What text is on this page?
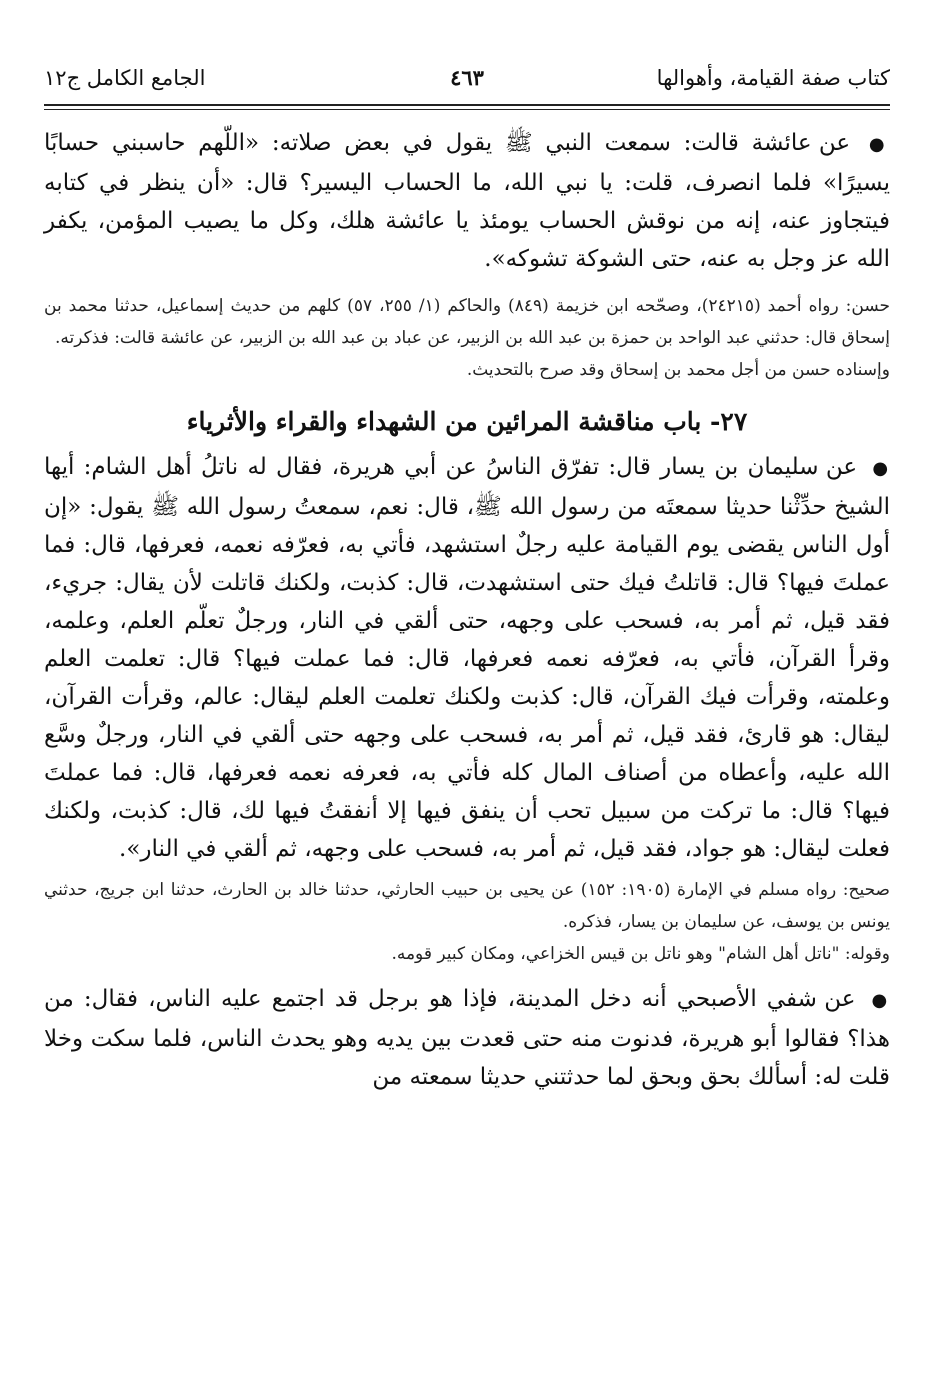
كتاب صفة القيامة، وأهوالها
٤٦٣
الجامع الكامل ج١٢

● عن عائشة قالت: سمعت النبي ﷺ يقول في بعض صلاته: «اللّهم حاسبني حسابًا يسيرًا» فلما انصرف، قلت: يا نبي الله، ما الحساب اليسير؟ قال: «أن ينظر في كتابه فيتجاوز عنه، إنه من نوقش الحساب يومئذ يا عائشة هلك، وكل ما يصيب المؤمن، يكفر الله عز وجل به عنه، حتى الشوكة تشوكه».

حسن: رواه أحمد (٢٤٢١٥)، وصحّحه ابن خزيمة (٨٤٩) والحاكم (١/ ٢٥٥، ٥٧) كلهم من حديث إسماعيل، حدثنا محمد بن إسحاق قال: حدثني عبد الواحد بن حمزة بن عبد الله بن الزبير، عن عباد بن عبد الله بن الزبير، عن عائشة قالت: فذكرته.

وإسناده حسن من أجل محمد بن إسحاق وقد صرح بالتحديث.

٢٧- باب مناقشة المرائين من الشهداء والقراء والأثرياء

● عن سليمان بن يسار قال: تفرّق الناسُ عن أبي هريرة، فقال له ناتلُ أهل الشام: أيها الشيخ حدِّثْنا حديثا سمعتَه من رسول الله ﷺ، قال: نعم، سمعتُ رسول الله ﷺ يقول: «إن أول الناس يقضى يوم القيامة عليه رجلٌ استشهد، فأتي به، فعرّفه نعمه، فعرفها، قال: فما عملتَ فيها؟ قال: قاتلتُ فيك حتى استشهدت، قال: كذبت، ولكنك قاتلت لأن يقال: جريء، فقد قيل، ثم أمر به، فسحب على وجهه، حتى ألقي في النار، ورجلٌ تعلّم العلم، وعلمه، وقرأ القرآن، فأتي به، فعرّفه نعمه فعرفها، قال: فما عملت فيها؟ قال: تعلمت العلم وعلمته، وقرأت فيك القرآن، قال: كذبت ولكنك تعلمت العلم ليقال: عالم، وقرأت القرآن، ليقال: هو قارئ، فقد قيل، ثم أمر به، فسحب على وجهه حتى ألقي في النار، ورجلٌ وسَّع الله عليه، وأعطاه من أصناف المال كله فأتي به، فعرفه نعمه فعرفها، قال: فما عملتَ فيها؟ قال: ما تركت من سبيل تحب أن ينفق فيها إلا أنفقتُ فيها لك، قال: كذبت، ولكنك فعلت ليقال: هو جواد، فقد قيل، ثم أمر به، فسحب على وجهه، ثم ألقي في النار».

صحيح: رواه مسلم في الإمارة (١٩٠٥: ١٥٢) عن يحيى بن حبيب الحارثي، حدثنا خالد بن الحارث، حدثنا ابن جريج، حدثني يونس بن يوسف، عن سليمان بن يسار، فذكره.

وقوله: "ناتل أهل الشام" وهو ناتل بن قيس الخزاعي، ومكان كبير قومه.

● عن شفي الأصبحي أنه دخل المدينة، فإذا هو برجل قد اجتمع عليه الناس، فقال: من هذا؟ فقالوا أبو هريرة، فدنوت منه حتى قعدت بين يديه وهو يحدث الناس، فلما سكت وخلا قلت له: أسألك بحق وبحق لما حدثتني حديثا سمعته من
